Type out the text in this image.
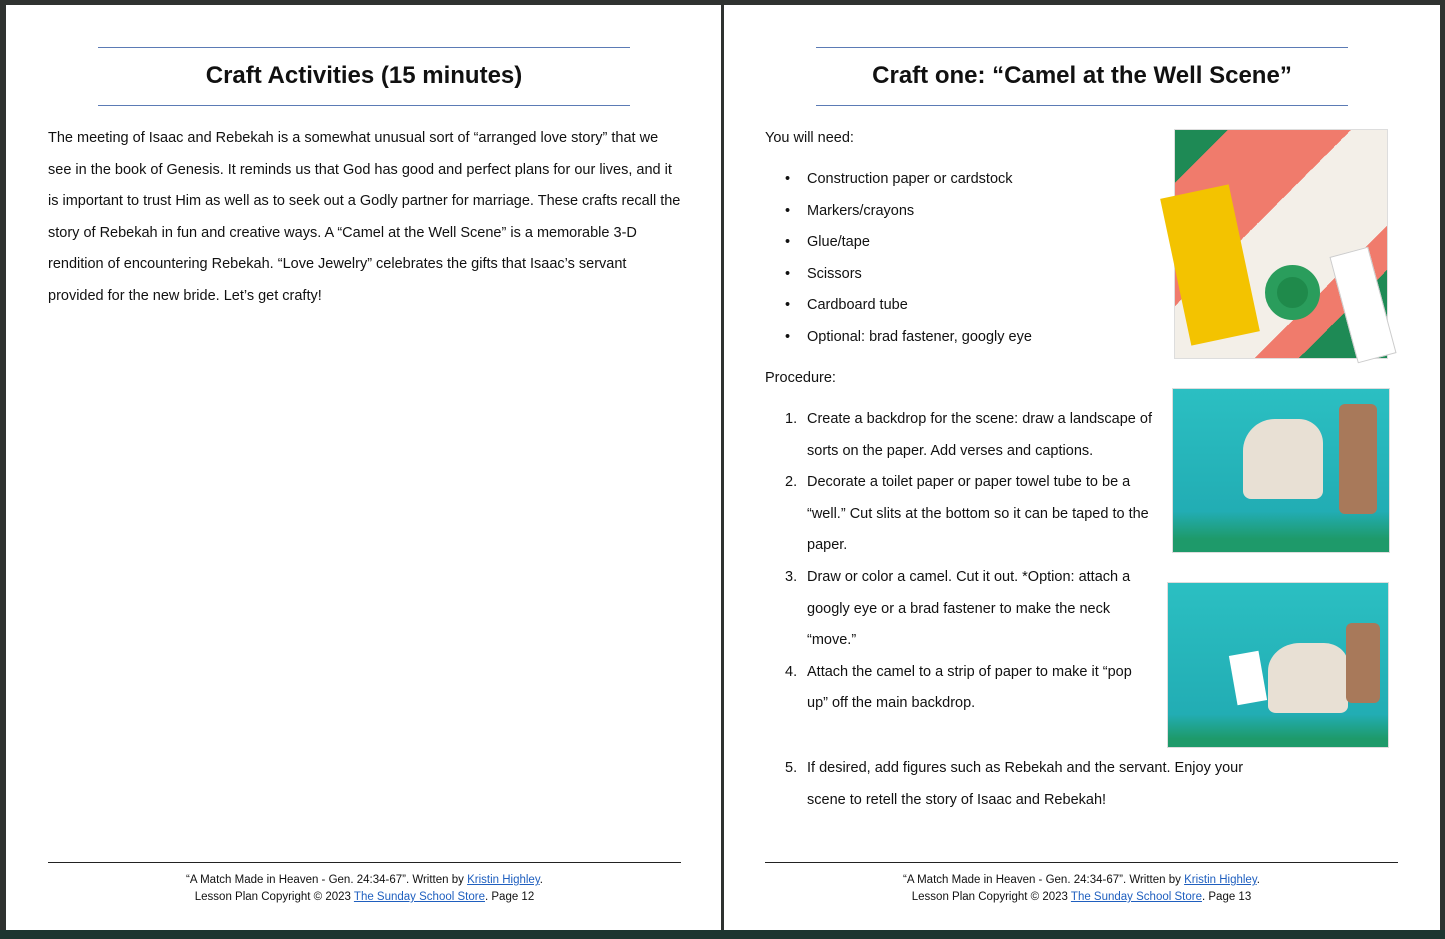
Craft Activities (15 minutes)
The meeting of Isaac and Rebekah is a somewhat unusual sort of “arranged love story” that we see in the book of Genesis. It reminds us that God has good and perfect plans for our lives, and it is important to trust Him as well as to seek out a Godly partner for marriage. These crafts recall the story of Rebekah in fun and creative ways. A “Camel at the Well Scene” is a memorable 3-D rendition of encountering Rebekah. “Love Jewelry” celebrates the gifts that Isaac’s servant provided for the new bride. Let’s get crafty!
“A Match Made in Heaven - Gen. 24:34-67”. Written by Kristin Highley.
Lesson Plan Copyright © 2023 The Sunday School Store. Page 12
Craft one: “Camel at the Well Scene”
You will need:
• Construction paper or cardstock
• Markers/crayons
• Glue/tape
• Scissors
• Cardboard tube
• Optional: brad fastener, googly eye
Procedure:
1. Create a backdrop for the scene: draw a landscape of sorts on the paper. Add verses and captions.
2. Decorate a toilet paper or paper towel tube to be a “well.” Cut slits at the bottom so it can be taped to the paper.
3. Draw or color a camel. Cut it out. *Option: attach a googly eye or a brad fastener to make the neck “move.”
4. Attach the camel to a strip of paper to make it “pop up” off the main backdrop.
5. If desired, add figures such as Rebekah and the servant. Enjoy your scene to retell the story of Isaac and Rebekah!
“A Match Made in Heaven - Gen. 24:34-67”. Written by Kristin Highley.
Lesson Plan Copyright © 2023 The Sunday School Store. Page 13
